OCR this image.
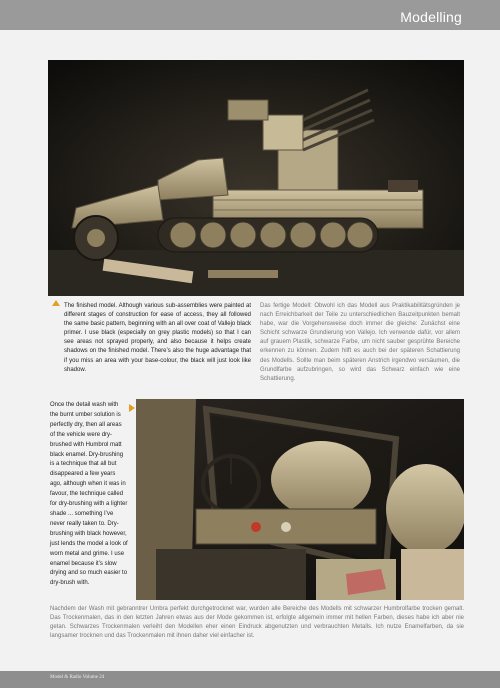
Modelling

The finished model. Although various sub-assemblies were painted at different stages of construction for ease of access, they all followed the same basic pattern, beginning with an all over coat of Vallejo black primer. I use black (especially on grey plastic models) so that I can see areas not sprayed properly, and also because it helps create shadows on the finished model. There’s also the huge advantage that if you miss an area with your base-colour, the black will just look like shadow.

Das fertige Modell: Obwohl ich das Modell aus Praktikabilitätsgründen je nach Erreichbarkeit der Teile zu unterschiedlichen Bauzeitpunkten bemalt habe, war die Vorgehensweise doch immer die gleiche: Zunächst eine Schicht schwarze Grundierung von Vallejo. Ich verwende dafür, vor allem auf grauem Plastik, schwarze Farbe, um nicht sauber gesprühte Bereiche erkennen zu können. Zudem hilft es auch bei der späteren Schattierung des Modells. Sollte man beim späteren Anstrich irgendwo versäumen, die Grundlfarbe aufzubringen, so wird das Schwarz einfach wie eine Schattierung.

Once the detail wash with the burnt umber solution is perfectly dry, then all areas of the vehicle were dry-brushed with Humbrol matt black enamel. Dry-brushing is a technique that all but disappeared a few years ago, although when it was in favour, the technique called for dry-brushing with a lighter shade ... something I’ve never really taken to. Dry-brushing with black however, just lends the model a look of worn metal and grime. I use enamel because it’s slow drying and so much easier to dry-brush with.

Nachdem der Wash mit gebranntrer Umbra perfekt durchgetrocknet war, wurden alle Bereiche des Modells mit schwarzer Humbrolfarbe trocken gemalt. Das Trockenmalen, das in den letzten Jahren etwas aus der Mode gekommen ist, erfolgte allgemein immer mit hellen Farben, dieses habe ich aber nie getan. Schwarzes Trockenmalen verleiht den Modellen eher einen Eindruck abgenutzten und verbrauchten Metalls. Ich nutze Enamelfarben, da sie langsamer trocknen und das Trockenmalen mit ihnen daher viel einfacher ist.

Model & Radio Volume 24
